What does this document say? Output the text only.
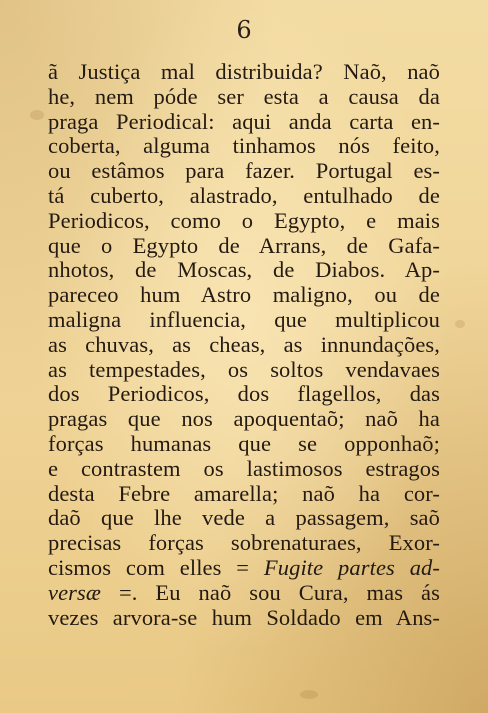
6
ã Justiça mal distribuida? Naõ, naõ
he, nem póde ser esta a causa da
praga Periodical: aqui anda carta en-
coberta, alguma tinhamos nós feito,
ou estâmos para fazer. Portugal es-
tá cuberto, alastrado, entulhado de
Periodicos, como o Egypto, e mais
que o Egypto de Arrans, de Gafa-
nhotos, de Moscas, de Diabos. Ap-
pareceo hum Astro maligno, ou de
maligna influencia, que multiplicou
as chuvas, as cheas, as innundações,
as tempestades, os soltos vendavaes
dos Periodicos, dos flagellos, das
pragas que nos apoquentaõ; naõ ha
forças humanas que se opponhaõ;
e contrastem os lastimosos estragos
desta Febre amarella; naõ ha cor-
daõ que lhe vede a passagem, saõ
precisas forças sobrenaturaes, Exor-
cismos com elles = Fugite partes ad-
versæ =. Eu naõ sou Cura, mas ás
vezes arvora-se hum Soldado em Ans-
